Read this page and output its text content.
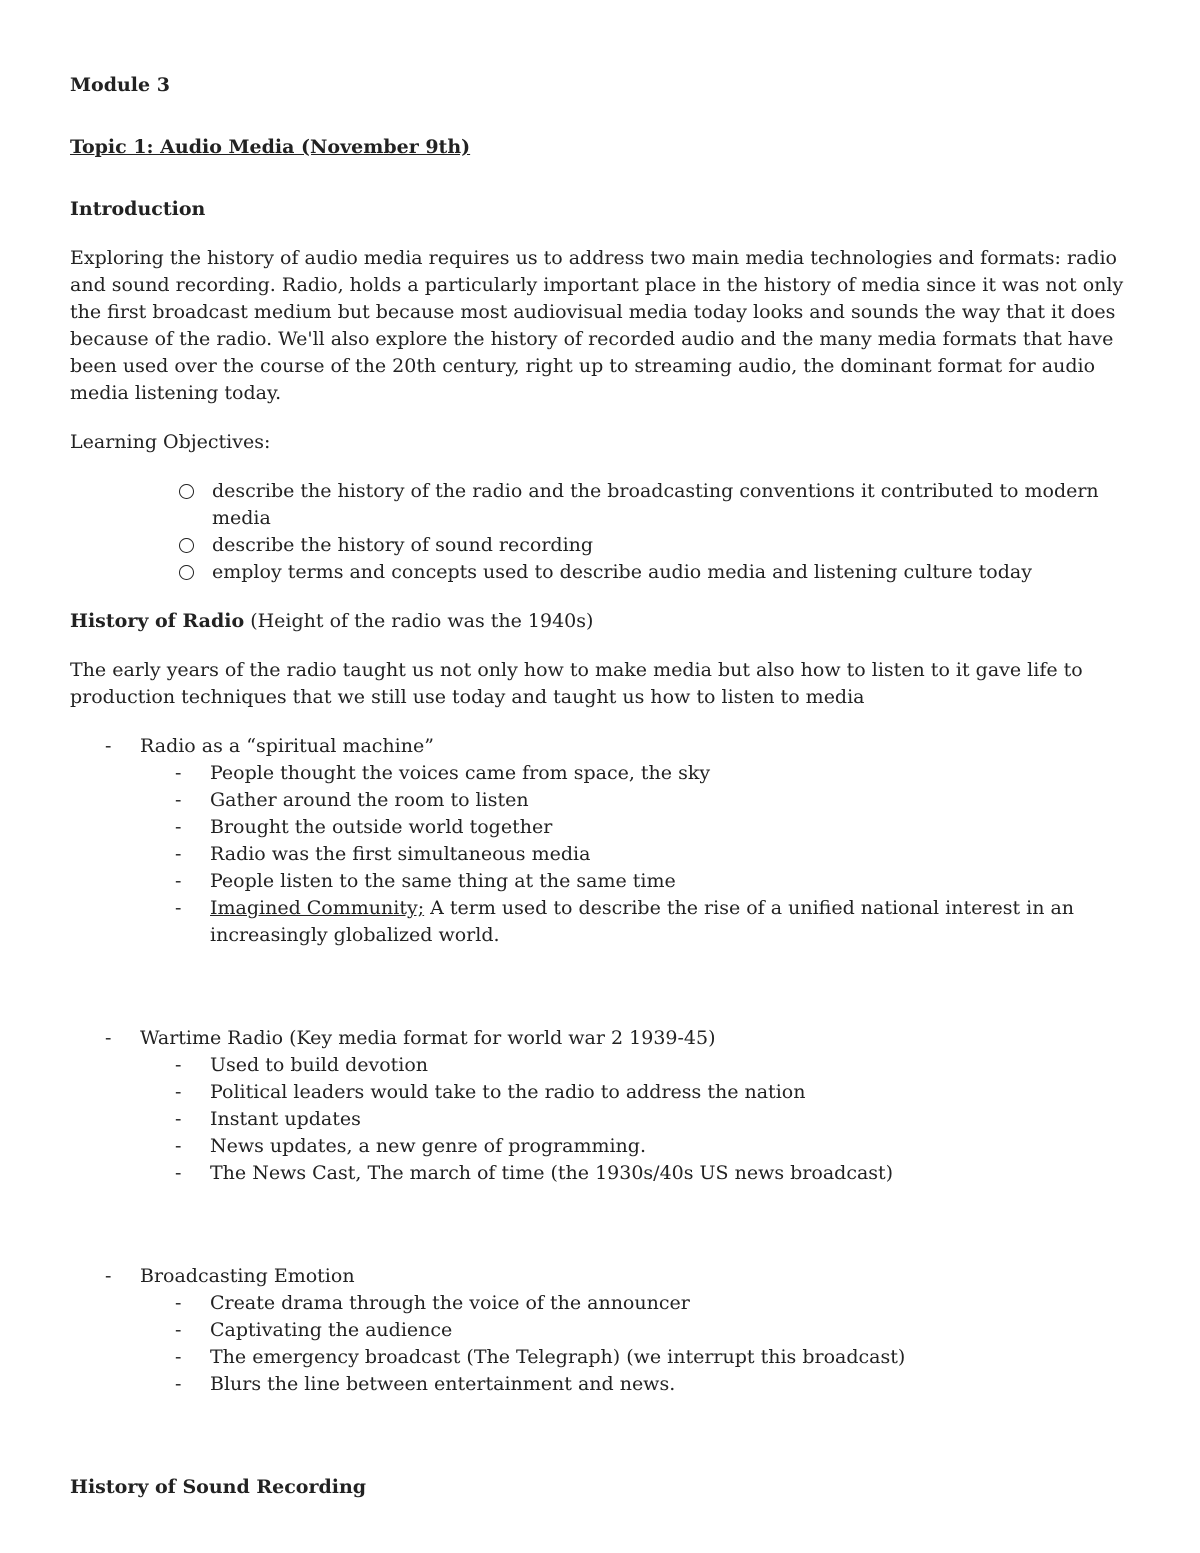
Module 3

Topic 1: Audio Media (November 9th)

Introduction

Exploring the history of audio media requires us to address two main media technologies and formats: radio and sound recording. Radio, holds a particularly important place in the history of media since it was not only the first broadcast medium but because most audiovisual media today looks and sounds the way that it does because of the radio. We'll also explore the history of recorded audio and the many media formats that have been used over the course of the 20th century, right up to streaming audio, the dominant format for audio media listening today.

Learning Objectives:

describe the history of the radio and the broadcasting conventions it contributed to modern media
describe the history of sound recording
employ terms and concepts used to describe audio media and listening culture today

History of Radio (Height of the radio was the 1940s)

The early years of the radio taught us not only how to make media but also how to listen to it gave life to production techniques that we still use today and taught us how to listen to media

- Radio as a “spiritual machine”
- People thought the voices came from space, the sky
- Gather around the room to listen
- Brought the outside world together
- Radio was the first simultaneous media
- People listen to the same thing at the same time
- Imagined Community; A term used to describe the rise of a unified national interest in an increasingly globalized world.
- Wartime Radio (Key media format for world war 2 1939-45)
- Used to build devotion
- Political leaders would take to the radio to address the nation
- Instant updates
- News updates, a new genre of programming.
- The News Cast, The march of time (the 1930s/40s US news broadcast)
- Broadcasting Emotion
- Create drama through the voice of the announcer
- Captivating the audience
- The emergency broadcast (The Telegraph) (we interrupt this broadcast)
- Blurs the line between entertainment and news.

History of Sound Recording
